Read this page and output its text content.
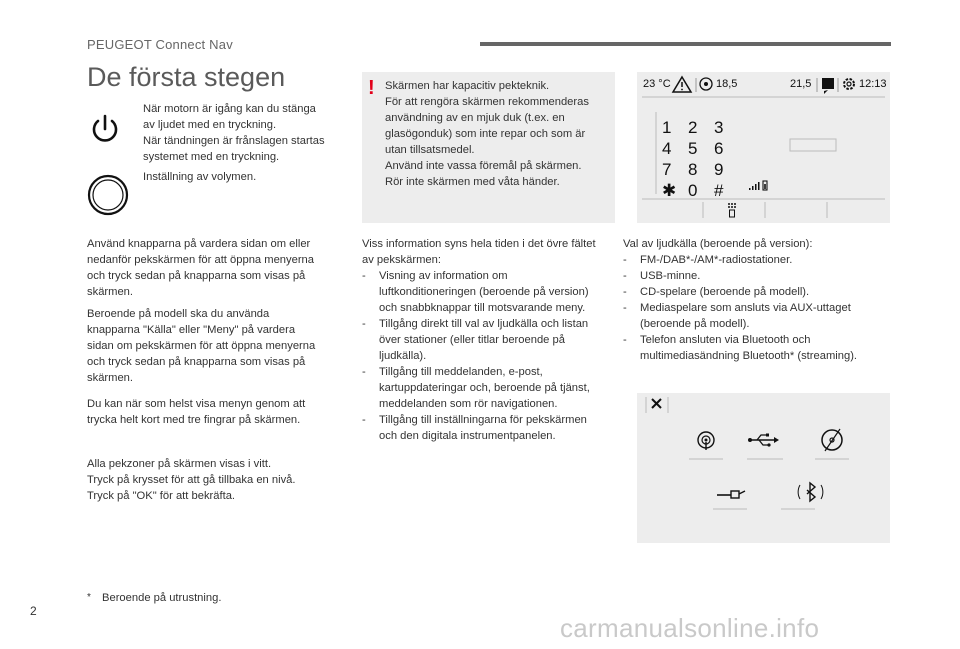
PEUGEOT Connect Nav
De första stegen
När motorn är igång kan du stänga
av ljudet med en tryckning.
När tändningen är frånslagen startas
systemet med en tryckning.
Inställning av volymen.
Använd knapparna på vardera sidan om eller
nedanför pekskärmen för att öppna menyerna
och tryck sedan på knapparna som visas på
skärmen.
Beroende på modell ska du använda
knapparna "Källa" eller "Meny" på vardera
sidan om pekskärmen för att öppna menyerna
och tryck sedan på knapparna som visas på
skärmen.
Du kan när som helst visa menyn genom att
trycka helt kort med tre fingrar på skärmen.
Alla pekzoner på skärmen visas i vitt.
Tryck på krysset för att gå tillbaka en nivå.
Tryck på "OK" för att bekräfta.
* Beroende på utrustning.
! Skärmen har kapacitiv pekteknik.
För att rengöra skärmen rekommenderas
användning av en mjuk duk (t.ex. en
glasögonduk) som inte repar och som är
utan tillsatsmedel.
Använd inte vassa föremål på skärmen.
Rör inte skärmen med våta händer.
Viss information syns hela tiden i det övre fältet
av pekskärmen:
- Visning av information om
luftkonditioneringen (beroende på version)
och snabbknappar till motsvarande meny.
- Tillgång direkt till val av ljudkälla och listan
över stationer (eller titlar beroende på
ljudkälla).
- Tillgång till meddelanden, e-post,
kartuppdateringar och, beroende på tjänst,
meddelanden som rör navigationen.
- Tillgång till inställningarna för pekskärmen
och den digitala instrumentpanelen.
23 °C	18,5	21,5	12:13
1 2 3
4 5 6
7 8 9
✱ 0 #
Val av ljudkälla (beroende på version):
- FM-/DAB*-/AM*-radiostationer.
- USB-minne.
- CD-spelare (beroende på modell).
- Mediaspelare som ansluts via AUX-uttaget
(beroende på modell).
- Telefon ansluten via Bluetooth och
multimediasändning Bluetooth* (streaming).
2
carmanualsonline.info
